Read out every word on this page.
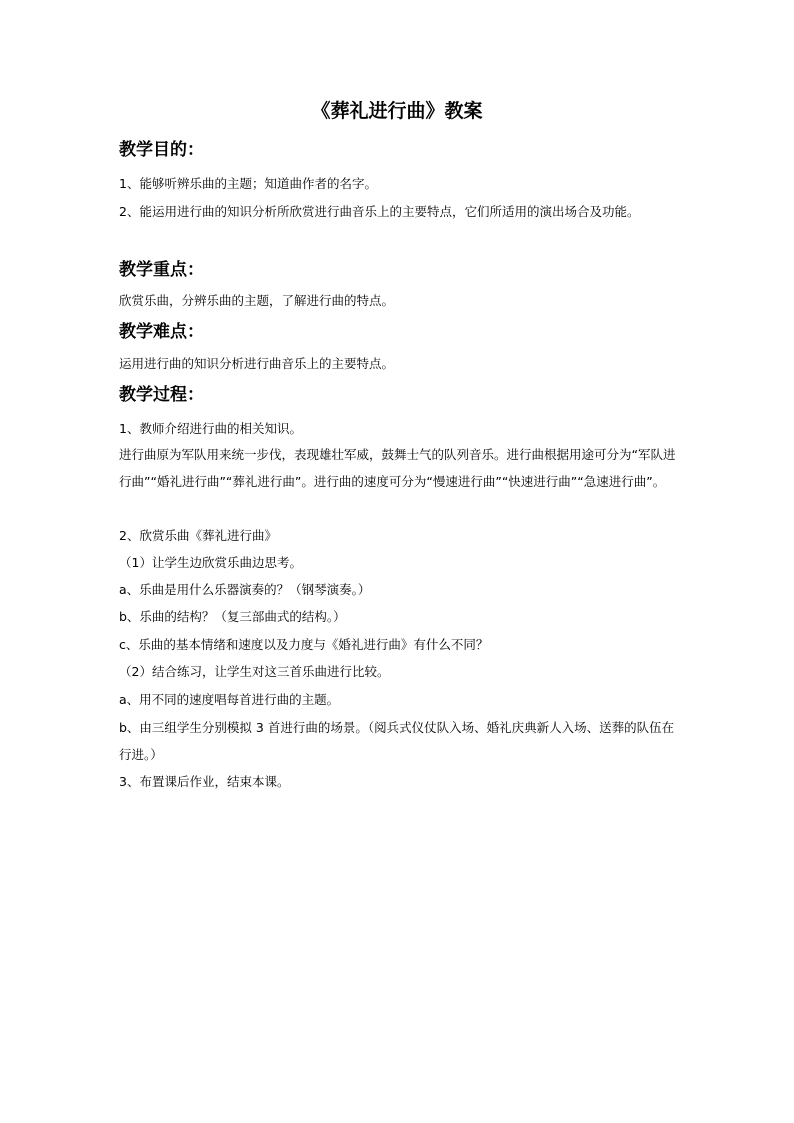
《葬礼进行曲》教案
教学目的：
1、能够听辨乐曲的主题；知道曲作者的名字。
2、能运用进行曲的知识分析所欣赏进行曲音乐上的主要特点，它们所适用的演出场合及功能。
教学重点：
欣赏乐曲，分辨乐曲的主题，了解进行曲的特点。
教学难点：
运用进行曲的知识分析进行曲音乐上的主要特点。
教学过程：
1、教师介绍进行曲的相关知识。
进行曲原为军队用来统一步伐，表现雄壮军威，鼓舞士气的队列音乐。进行曲根据用途可分为“军队进行曲”“婚礼进行曲”“葬礼进行曲”。进行曲的速度可分为“慢速进行曲”“快速进行曲”“急速进行曲”。
2、欣赏乐曲《葬礼进行曲》
（1）让学生边欣赏乐曲边思考。
a、乐曲是用什么乐器演奏的？（钢琴演奏。）
b、乐曲的结构？（复三部曲式的结构。）
c、乐曲的基本情绪和速度以及力度与《婚礼进行曲》有什么不同？
（2）结合练习，让学生对这三首乐曲进行比较。
a、用不同的速度唱每首进行曲的主题。
b、由三组学生分别模拟 3 首进行曲的场景。（阅兵式仪仗队入场、婚礼庆典新人入场、送葬的队伍在行进。）
3、布置课后作业，结束本课。
